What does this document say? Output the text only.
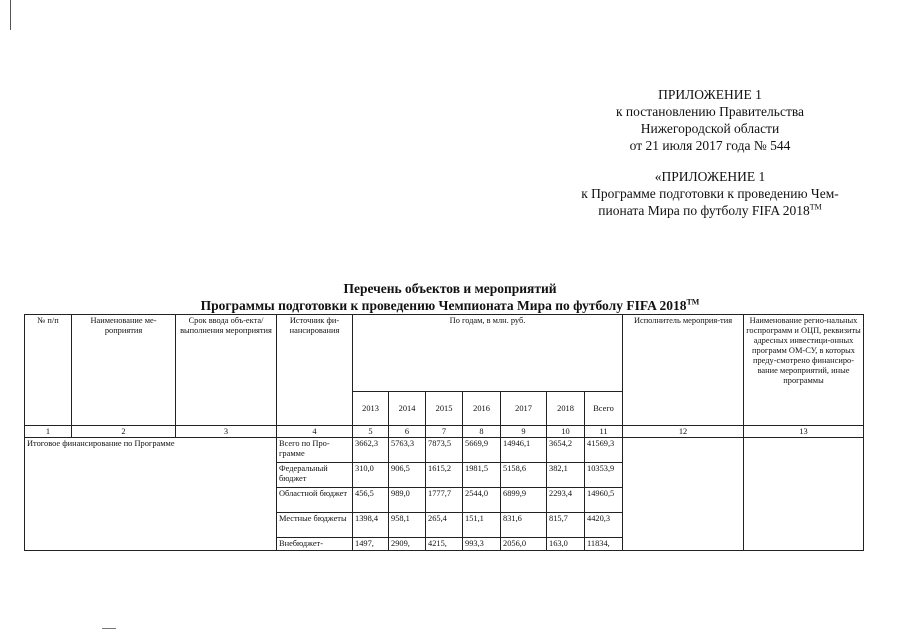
ПРИЛОЖЕНИЕ 1
к постановлению Правительства
Нижегородской области
от 21 июля 2017 года № 544
«ПРИЛОЖЕНИЕ 1
к Программе подготовки к проведению Чем-
пионата Мира по футболу FIFA 2018™
Перечень объектов и мероприятий
Программы подготовки к проведению Чемпионата Мира по футболу FIFA 2018™
№ п/п	Наименование ме-роприятия	Срок ввода объ-екта/выполнения мероприятия	Источник фи-нансирования	По годам, в млн. руб.							Исполнитель мероприя-тия	Наименование регио-нальных госпрограмм и ОЦП, реквизиты адресных инвестици-онных программ ОМ-СУ, в которых преду-смотрено финансиро-вание мероприятий, иные программы
				2013	2014	2015	2016	2017	2018	Всего		
1	2	3	4	5	6	7	8	9	10	11	12	13
Итоговое финансирование по Программе			Всего по Про-грамме	3662,3	5763,3	7873,5	5669,9	14946,1	3654,2	41569,3		
			Федеральный бюджет	310,0	906,5	1615,2	1981,5	5158,6	382,1	10353,9		
			Областной бюджет	456,5	989,0	1777,7	2544,0	6899,9	2293,4	14960,5		
			Местные бюджеты	1398,4	958,1	265,4	151,1	831,6	815,7	4420,3		
			Внебюджет-	1497,	2909,	4215,	993,3	2056,0	163,0	11834,		
